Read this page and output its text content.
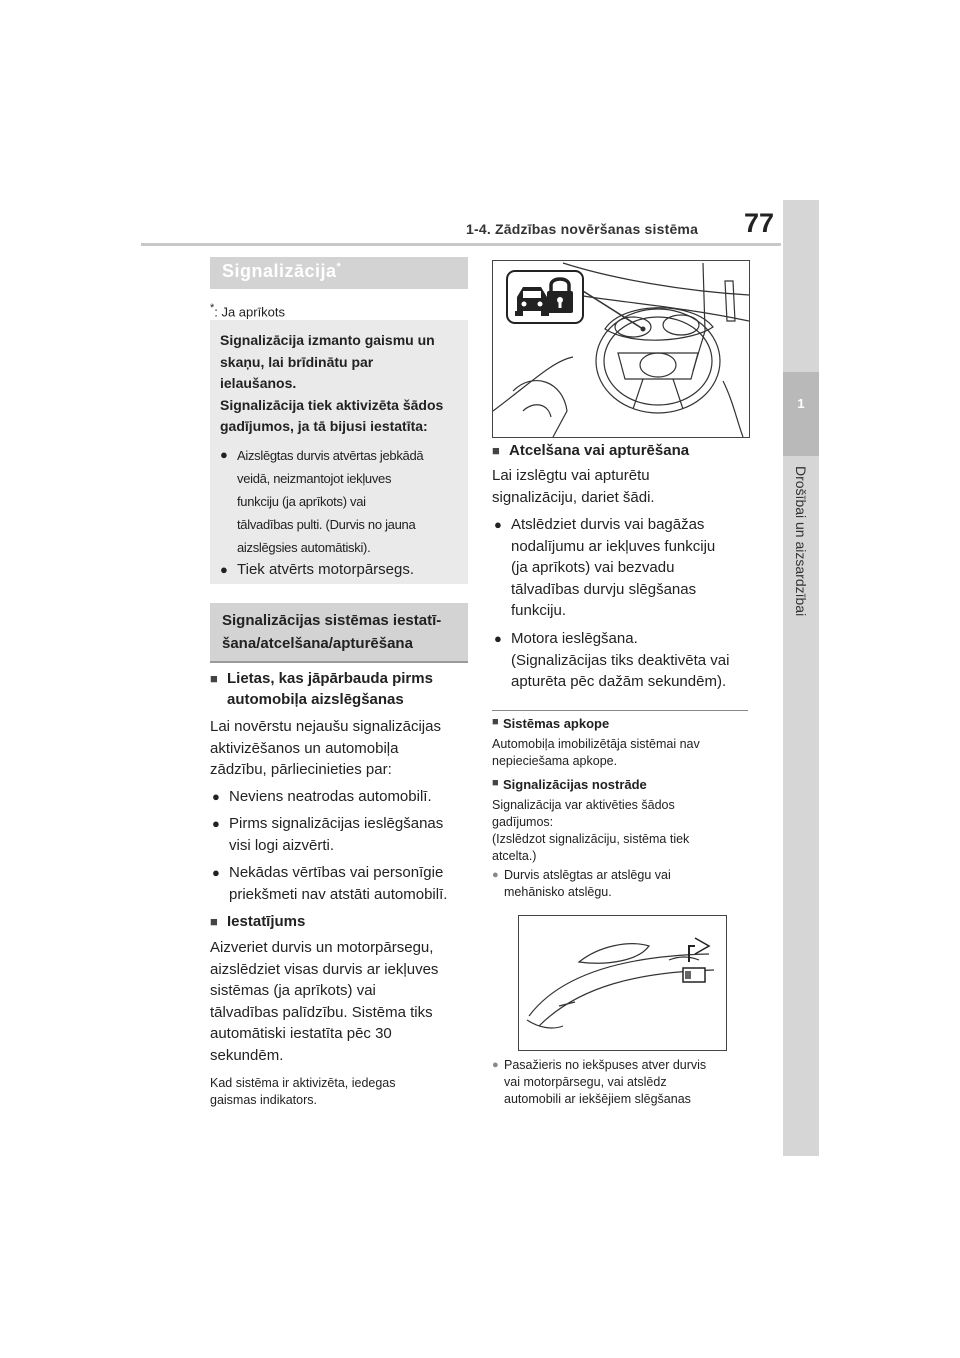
1-4. Zādzības novēršanas sistēma 77
1
Drošībai un aizsardzībai
Signalizācija*
*: Ja aprīkots
Signalizācija izmanto gaismu un
skaņu, lai brīdinātu par
ielaušanos.
Signalizācija tiek aktivizēta šādos
gadījumos, ja tā bijusi iestatīta:
● Aizslēgtas durvis atvērtas jebkādā
veidā, neizmantojot iekļuves
funkciju (ja aprīkots) vai
tālvadības pulti. (Durvis no jauna
aizslēgsies automātiski).
● Tiek atvērts motorpārsegs.
Signalizācijas sistēmas iestatī-
šana/atcelšana/apturēšana
■ Lietas, kas jāpārbauda pirms
automobiļa aizslēgšanas
Lai novērstu nejaušu signalizācijas
aktivizēšanos un automobiļa
zādzību, pārliecinieties par:
● Neviens neatrodas automobilī.
● Pirms signalizācijas ieslēgšanas
visi logi aizvērti.
● Nekādas vērtības vai personīgie
priekšmeti nav atstāti automobilī.
■ Iestatījums
Aizveriet durvis un motorpārsegu,
aizslēdziet visas durvis ar iekļuves
sistēmas (ja aprīkots) vai
tālvadības palīdzību. Sistēma tiks
automātiski iestatīta pēc 30
sekundēm.
Kad sistēma ir aktivizēta, iedegas
gaismas indikators.
■ Atcelšana vai apturēšana
Lai izslēgtu vai apturētu
signalizāciju, dariet šādi.
● Atslēdziet durvis vai bagāžas
nodalījumu ar iekļuves funkciju
(ja aprīkots) vai bezvadu
tālvadības durvju slēgšanas
funkciju.
● Motora ieslēgšana.
(Signalizācijas tiks deaktivēta vai
apturēta pēc dažām sekundēm).
■ Sistēmas apkope
Automobiļa imobilizētāja sistēmai nav
nepieciešama apkope.
■ Signalizācijas nostrāde
Signalizācija var aktivēties šādos
gadījumos:
(Izslēdzot signalizāciju, sistēma tiek
atcelta.)
● Durvis atslēgtas ar atslēgu vai
mehānisko atslēgu.
● Pasažieris no iekšpuses atver durvis
vai motorpārsegu, vai atslēdz
automobili ar iekšējiem slēgšanas
